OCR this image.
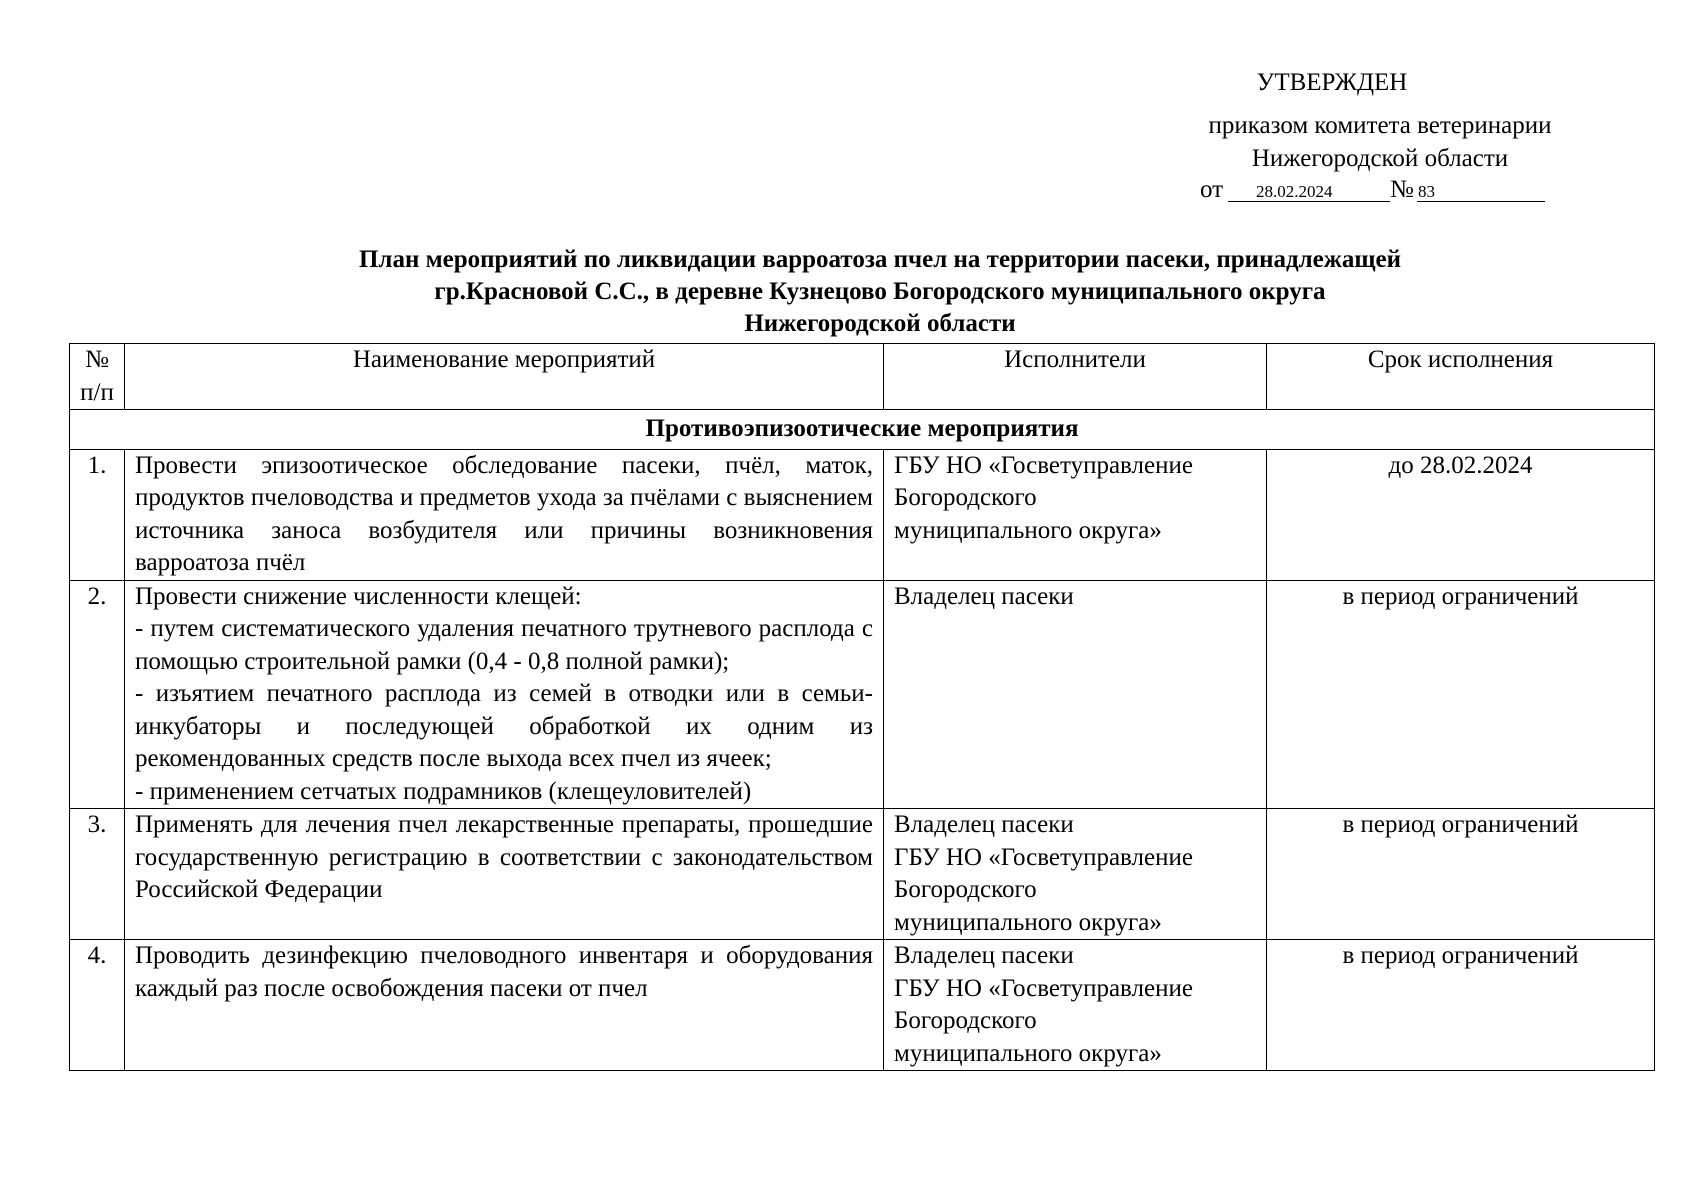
УТВЕРЖДЕН
приказом комитета ветеринарии
Нижегородской области
от 28.02.2024 № 83
План мероприятий по ликвидации варроатоза пчел на территории пасеки, принадлежащей
гр.Красновой С.С., в деревне Кузнецово Богородского муниципального округа
Нижегородской области
№
п/п	Наименование мероприятий	Исполнители	Срок исполнения
Противоэпизоотические мероприятия			
1.	Провести эпизоотическое обследование пасеки, пчёл, маток, продуктов пчеловодства и предметов ухода за пчёлами с выяснением источника заноса возбудителя или причины возникновения варроатоза пчёл	ГБУ НО «Госветуправление
Богородского
муниципального округа»	до 28.02.2024
2.	Провести снижение численности клещей:
- путем систематического удаления печатного трутневого расплода с помощью строительной рамки (0,4 - 0,8 полной рамки);
- изъятием печатного расплода из семей в отводки или в семьи-инкубаторы и последующей обработкой их одним из рекомендованных средств после выхода всех пчел из ячеек;
- применением сетчатых подрамников (клещеуловителей)	Владелец пасеки	в период ограничений
3.	Применять для лечения пчел лекарственные препараты, прошедшие государственную регистрацию в соответствии с законодательством Российской Федерации	Владелец пасеки
ГБУ НО «Госветуправление
Богородского
муниципального округа»	в период ограничений
4.	Проводить дезинфекцию пчеловодного инвентаря и оборудования каждый раз после освобождения пасеки от пчел	Владелец пасеки
ГБУ НО «Госветуправление
Богородского
муниципального округа»	в период ограничений
